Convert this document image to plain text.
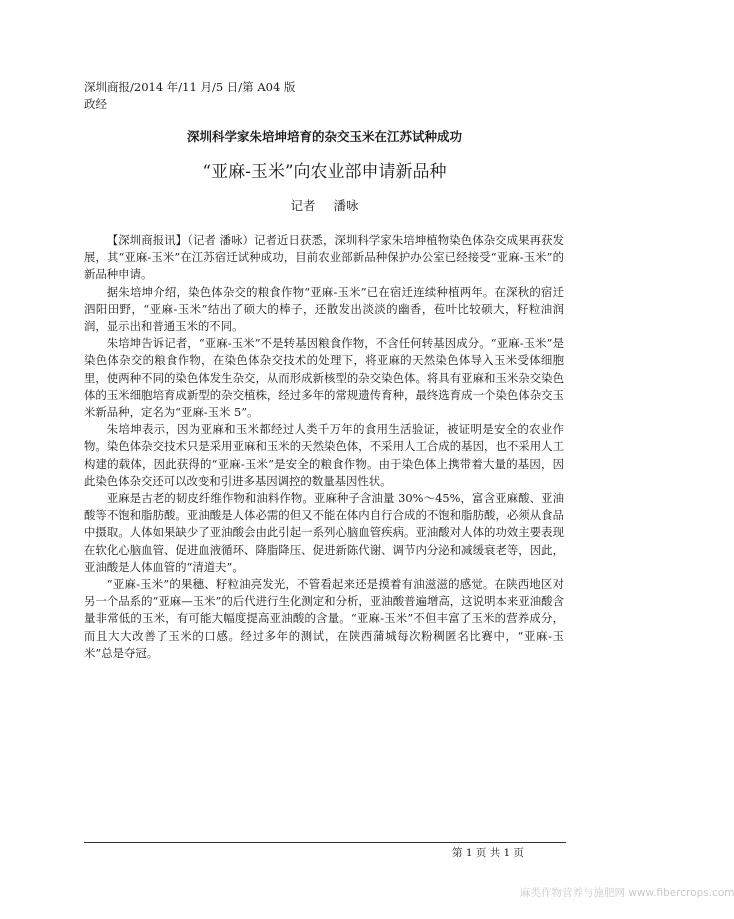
深圳商报/2014 年/11 月/5 日/第 A04 版
政经
深圳科学家朱培坤培育的杂交玉米在江苏试种成功
“亚麻-玉米”向农业部申请新品种
记者 潘咏

【深圳商报讯】（记者 潘咏）记者近日获悉，深圳科学家朱培坤植物染色体杂交成果再获发展，其“亚麻-玉米”在江苏宿迁试种成功，目前农业部新品种保护办公室已经接受“亚麻-玉米”的新品种申请。

据朱培坤介绍，染色体杂交的粮食作物“亚麻-玉米”已在宿迁连续种植两年。在深秋的宿迁泗阳田野，“亚麻-玉米”结出了硕大的棒子，还散发出淡淡的幽香，苞叶比较硕大，籽粒油润润，显示出和普通玉米的不同。

朱培坤告诉记者，“亚麻-玉米”不是转基因粮食作物，不含任何转基因成分。“亚麻-玉米”是染色体杂交的粮食作物，在染色体杂交技术的处理下，将亚麻的天然染色体导入玉米受体细胞里，使两种不同的染色体发生杂交，从而形成新核型的杂交染色体。将具有亚麻和玉米杂交染色体的玉米细胞培育成新型的杂交植株，经过多年的常规遗传育种，最终选育成一个染色体杂交玉米新品种，定名为“亚麻-玉米 5”。

朱培坤表示，因为亚麻和玉米都经过人类千万年的食用生活验证，被证明是安全的农业作物。染色体杂交技术只是采用亚麻和玉米的天然染色体，不采用人工合成的基因，也不采用人工构建的载体，因此获得的“亚麻-玉米”是安全的粮食作物。由于染色体上携带着大量的基因，因此染色体杂交还可以改变和引进多基因调控的数量基因性状。

亚麻是古老的韧皮纤维作物和油料作物。亚麻种子含油量 30%～45%，富含亚麻酸、亚油酸等不饱和脂肪酸。亚油酸是人体必需的但又不能在体内自行合成的不饱和脂肪酸，必须从食品中摄取。人体如果缺少了亚油酸会由此引起一系列心脑血管疾病。亚油酸对人体的功效主要表现在软化心脑血管、促进血液循环、降脂降压、促进新陈代谢、调节内分泌和减缓衰老等，因此，亚油酸是人体血管的“清道夫”。

“亚麻-玉米”的果穗、籽粒油亮发光，不管看起来还是摸着有油滋滋的感觉。在陕西地区对另一个品系的“亚麻—玉米”的后代进行生化测定和分析，亚油酸普遍增高，这说明本来亚油酸含量非常低的玉米，有可能大幅度提高亚油酸的含量。“亚麻-玉米”不但丰富了玉米的营养成分，而且大大改善了玉米的口感。经过多年的测试，在陕西蒲城每次粉稠匿名比赛中，“亚麻-玉米”总是夺冠。

第 1 页 共 1 页
麻类作物营养与施肥网 www.fibercrops.com
